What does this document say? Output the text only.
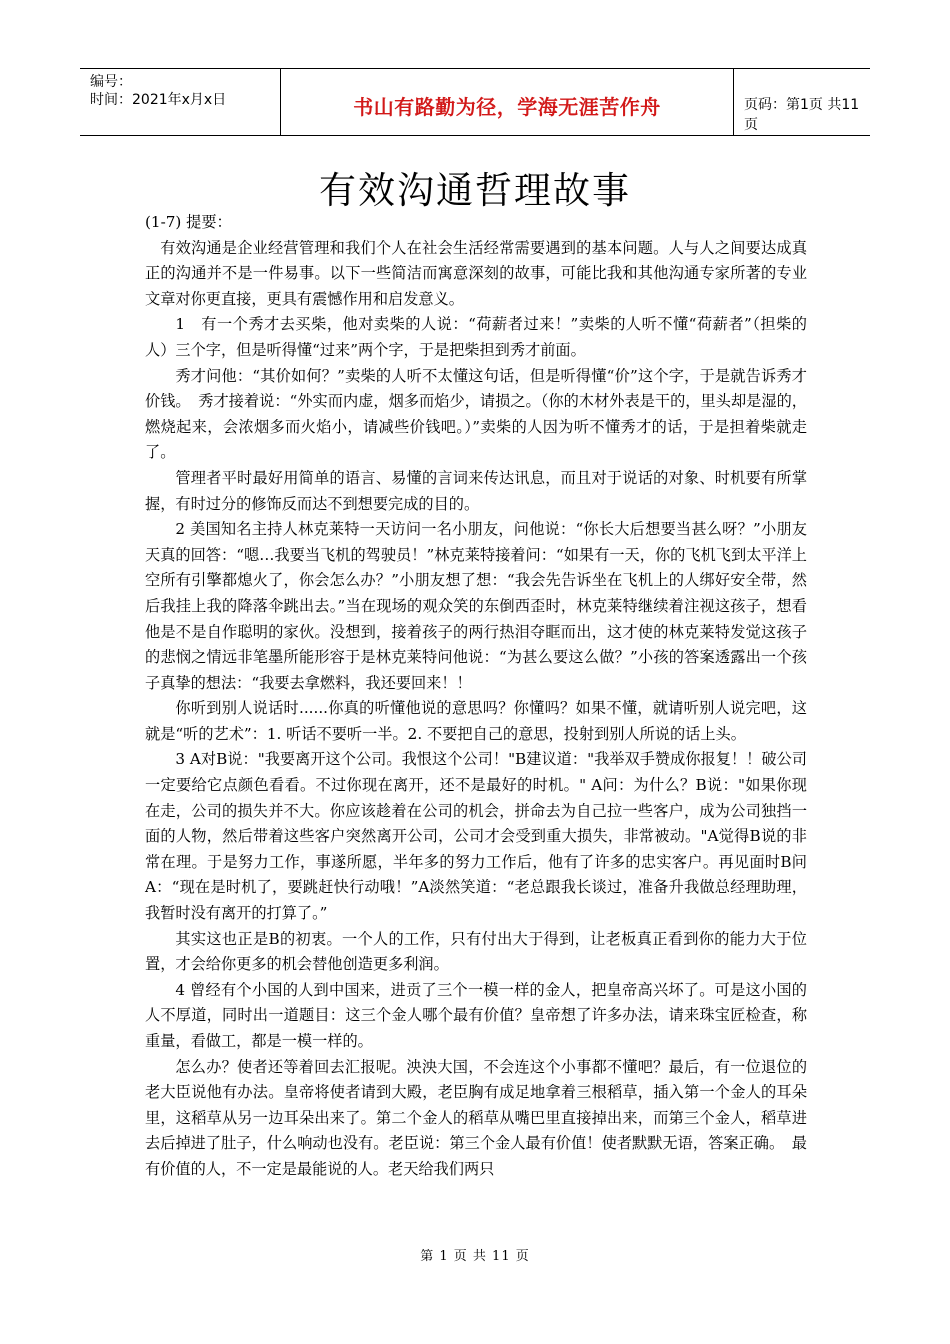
编号：
时间：2021年x月x日	书山有路勤为径，学海无涯苦作舟	页码：第1页 共11页
有效沟通哲理故事

(1-7) 提要：

有效沟通是企业经营管理和我们个人在社会生活经常需要遇到的基本问题。人与人之间要达成真正的沟通并不是一件易事。以下一些简洁而寓意深刻的故事，可能比我和其他沟通专家所著的专业文章对你更直接，更具有震憾作用和启发意义。

1　有一个秀才去买柴，他对卖柴的人说：“荷薪者过来！”卖柴的人听不懂“荷薪者”（担柴的人）三个字，但是听得懂“过来”两个字，于是把柴担到秀才前面。

秀才问他：“其价如何？”卖柴的人听不太懂这句话，但是听得懂“价”这个字，于是就告诉秀才价钱。　秀才接着说：“外实而内虚，烟多而焰少，请损之。（你的木材外表是干的，里头却是湿的，燃烧起来，会浓烟多而火焰小，请减些价钱吧。）”卖柴的人因为听不懂秀才的话，于是担着柴就走了。

管理者平时最好用简单的语言、易懂的言词来传达讯息，而且对于说话的对象、时机要有所掌握，有时过分的修饰反而达不到想要完成的目的。

2 美国知名主持人林克莱特一天访问一名小朋友，问他说：“你长大后想要当甚么呀？”小朋友天真的回答：“嗯…我要当飞机的驾驶员！”林克莱特接着问：“如果有一天，你的飞机飞到太平洋上空所有引擎都熄火了，你会怎么办？”小朋友想了想：“我会先告诉坐在飞机上的人绑好安全带，然后我挂上我的降落伞跳出去。”当在现场的观众笑的东倒西歪时，林克莱特继续着注视这孩子，想看他是不是自作聪明的家伙。没想到，接着孩子的两行热泪夺眶而出，这才使的林克莱特发觉这孩子的悲悯之情远非笔墨所能形容于是林克莱特问他说：“为甚么要这么做？”小孩的答案透露出一个孩子真挚的想法：“我要去拿燃料，我还要回来！！

你听到别人说话时......你真的听懂他说的意思吗？你懂吗？如果不懂，就请听别人说完吧，这就是“听的艺术”：1. 听话不要听一半。2. 不要把自己的意思，投射到别人所说的话上头。

3 A对B说："我要离开这个公司。我恨这个公司！"B建议道："我举双手赞成你报复！！破公司一定要给它点颜色看看。不过你现在离开，还不是最好的时机。" A问：为什么？B说："如果你现在走，公司的损失并不大。你应该趁着在公司的机会，拼命去为自己拉一些客户，成为公司独挡一面的人物，然后带着这些客户突然离开公司，公司才会受到重大损失，非常被动。"A觉得B说的非常在理。于是努力工作，事遂所愿，半年多的努力工作后，他有了许多的忠实客户。再见面时B问A：“现在是时机了，要跳赶快行动哦！”A淡然笑道：“老总跟我长谈过，准备升我做总经理助理，我暂时没有离开的打算了。”

其实这也正是B的初衷。一个人的工作，只有付出大于得到，让老板真正看到你的能力大于位置，才会给你更多的机会替他创造更多利润。

4 曾经有个小国的人到中国来，进贡了三个一模一样的金人，把皇帝高兴坏了。可是这小国的人不厚道，同时出一道题目：这三个金人哪个最有价值？皇帝想了许多办法，请来珠宝匠检查，称重量，看做工，都是一模一样的。

怎么办？使者还等着回去汇报呢。泱泱大国，不会连这个小事都不懂吧？最后，有一位退位的老大臣说他有办法。皇帝将使者请到大殿，老臣胸有成足地拿着三根稻草，插入第一个金人的耳朵里，这稻草从另一边耳朵出来了。第二个金人的稻草从嘴巴里直接掉出来，而第三个金人，稻草进去后掉进了肚子，什么响动也没有。老臣说：第三个金人最有价值！使者默默无语，答案正确。　最有价值的人，不一定是最能说的人。老天给我们两只

第 1 页 共 11 页
